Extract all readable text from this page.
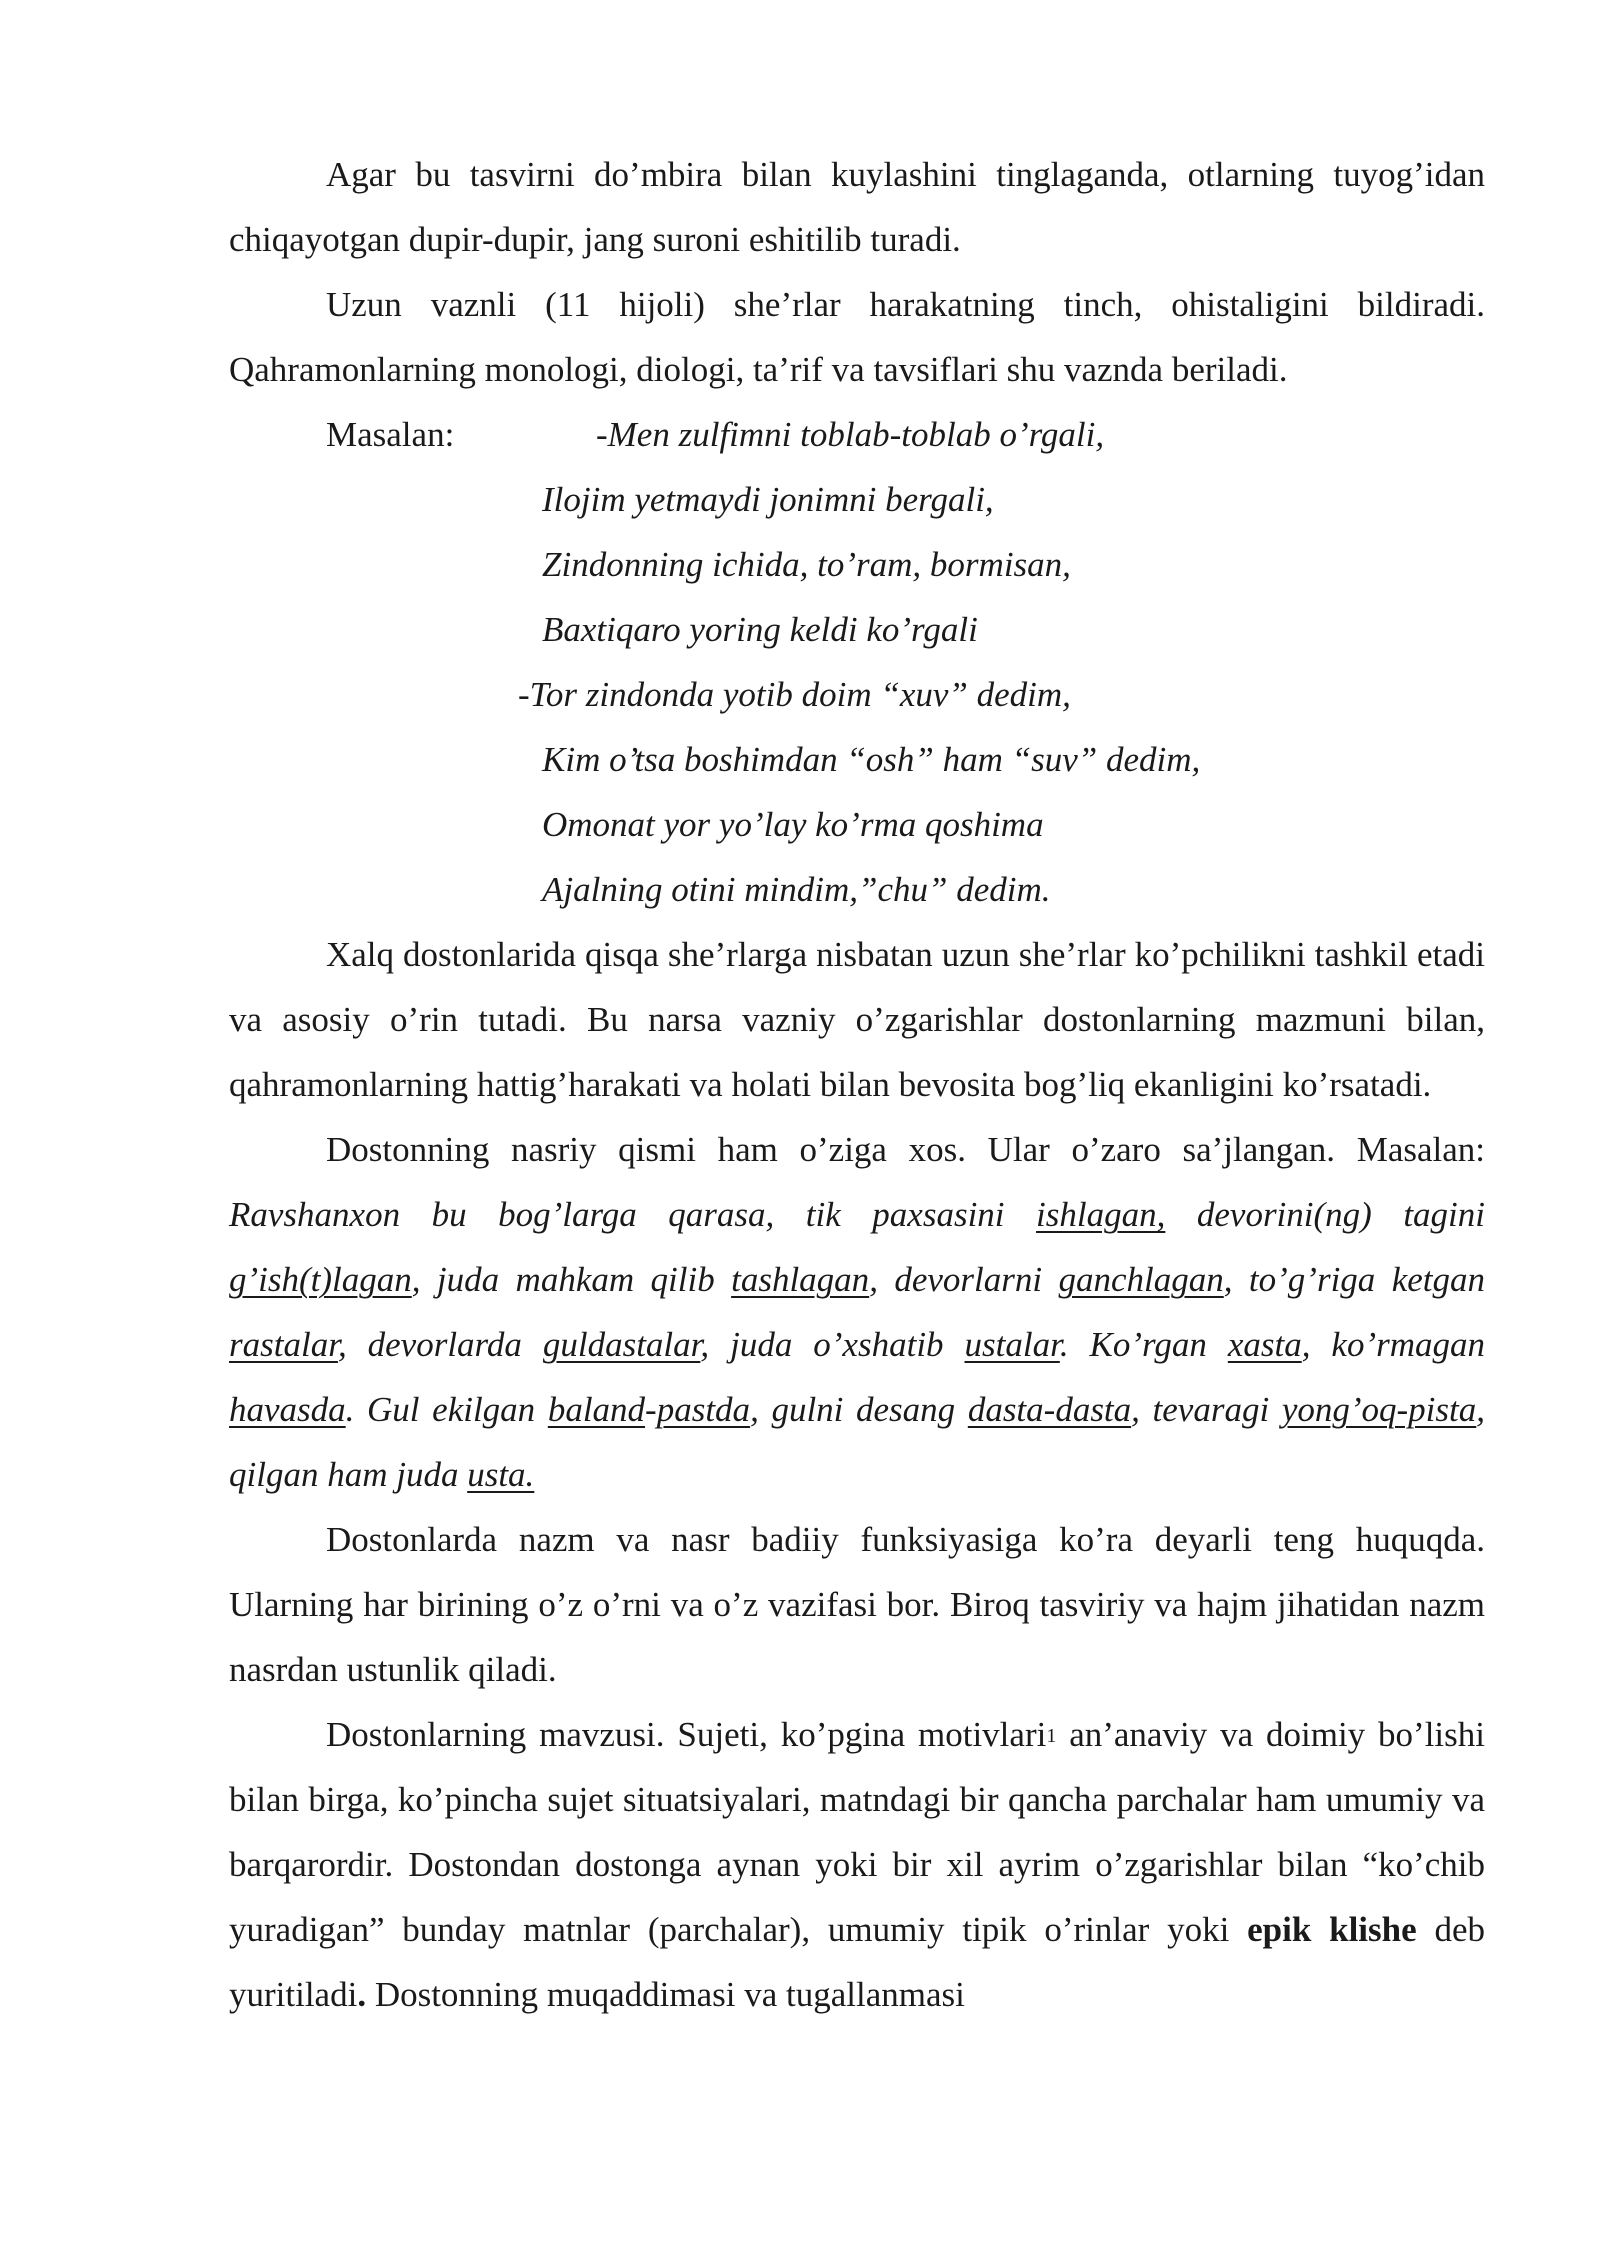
Agar bu tasvirni do’mbira bilan kuylashini tinglaganda, otlarning tuyog’idan chiqayotgan dupir-dupir, jang suroni eshitilib turadi.

Uzun vaznli (11 hijoli) she’rlar harakatning tinch, ohistaligini bildiradi. Qahramonlarning monologi, diologi, ta’rif va tavsiflari shu vaznda beriladi.

Masalan:	-Men zulfimni toblab-toblab o’rgali,
Ilojim yetmaydi jonimni bergali,
Zindonning ichida, to’ram, bormisan,
Baxtiqaro yoring keldi ko’rgali
-Tor zindonda yotib doim “xuv” dedim,
Kim o’tsa boshimdan “osh” ham “suv” dedim,
Omonat yor yo’lay ko’rma qoshima
Ajalning otini mindim,”chu” dedim.

Xalq dostonlarida qisqa she’rlarga nisbatan uzun she’rlar ko’pchilikni tashkil etadi va asosiy o’rin tutadi. Bu narsa vazniy o’zgarishlar dostonlarning mazmuni bilan, qahramonlarning hattig’harakati va holati bilan bevosita bog’liq ekanligini ko’rsatadi.

Dostonning nasriy qismi ham o’ziga xos. Ular o’zaro sa’jlangan. Masalan: Ravshanxon bu bog’larga qarasa, tik paxsasini ishlagan, devorini(ng) tagini g’ish(t)lagan, juda mahkam qilib tashlagan, devorlarni ganchlagan, to’g’riga ketgan rastalar, devorlarda guldastalar, juda o’xshatib ustalar. Ko’rgan xasta, ko’rmagan havasda. Gul ekilgan baland-pastda, gulni desang dasta-dasta, tevaragi yong’oq-pista, qilgan ham juda usta.

Dostonlarda nazm va nasr badiiy funksiyasiga ko’ra deyarli teng huquqda. Ularning har birining o’z o’rni va o’z vazifasi bor. Biroq tasviriy va hajm jihatidan nazm nasrdan ustunlik qiladi.

Dostonlarning mavzusi. Sujeti, ko’pgina motivlari$^1$ an’anaviy va doimiy bo’lishi bilan birga, ko’pincha sujet situatsiyalari, matndagi bir qancha parchalar ham umumiy va barqarordir. Dostondan dostonga aynan yoki bir xil ayrim o’zgarishlar bilan “ko’chib yuradigan” bunday matnlar (parchalar), umumiy tipik o’rinlar yoki epik klishe deb yuritiladi. Dostonning muqaddimasi va tugallanmasi
